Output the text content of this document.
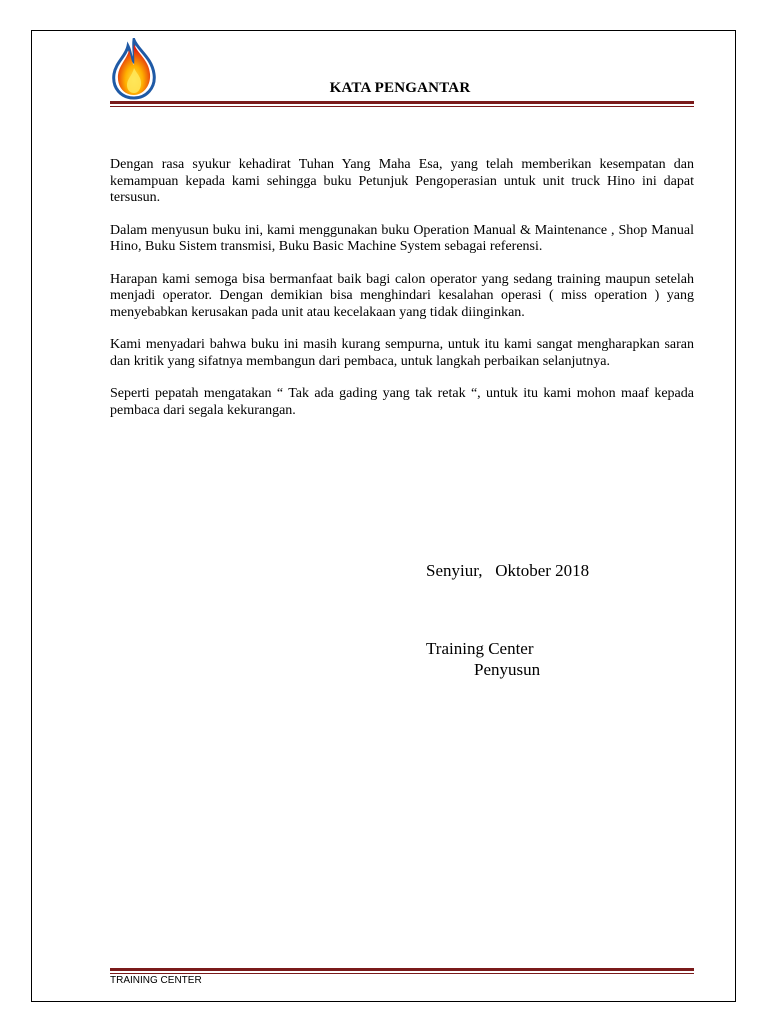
KATA PENGANTAR

Dengan rasa syukur kehadirat Tuhan Yang Maha Esa, yang telah memberikan kesempatan dan kemampuan kepada kami sehingga buku Petunjuk Pengoperasian untuk unit truck Hino ini dapat tersusun.

Dalam menyusun buku ini, kami menggunakan buku Operation Manual & Maintenance , Shop Manual Hino, Buku Sistem transmisi, Buku Basic Machine System sebagai referensi.

Harapan kami semoga bisa bermanfaat baik bagi calon operator yang sedang training maupun setelah menjadi operator. Dengan demikian bisa menghindari kesalahan operasi ( miss operation ) yang menyebabkan kerusakan pada unit atau kecelakaan yang tidak diinginkan.

Kami menyadari bahwa buku ini masih kurang sempurna, untuk itu kami sangat mengharapkan saran dan kritik yang sifatnya membangun dari pembaca, untuk langkah perbaikan selanjutnya.

Seperti pepatah mengatakan “ Tak ada gading yang tak retak “, untuk itu kami mohon maaf kepada pembaca dari segala kekurangan.

Senyiur,   Oktober 2018
Training Center
Penyusun
TRAINING CENTER
